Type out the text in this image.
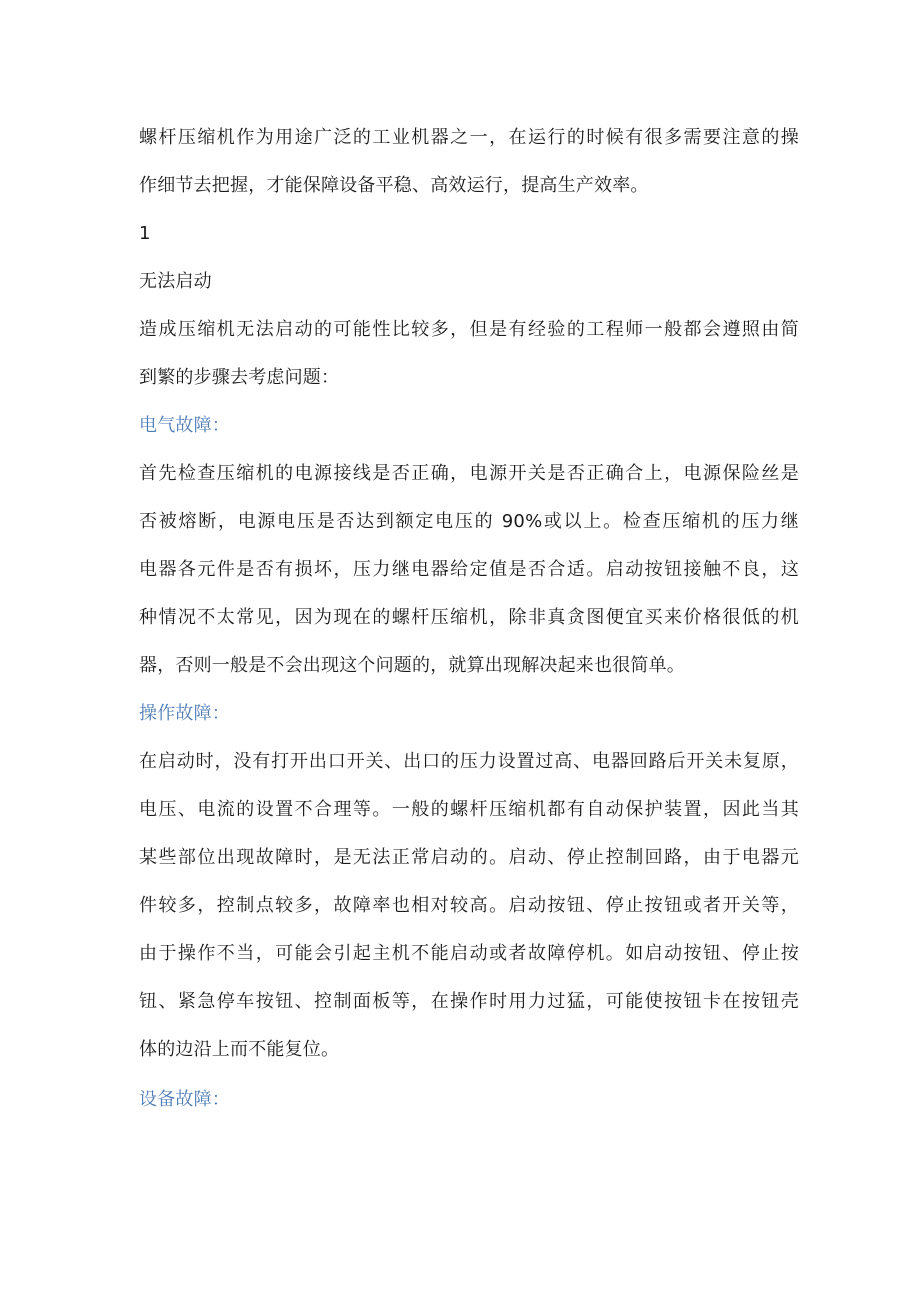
螺杆压缩机作为用途广泛的工业机器之一，在运行的时候有很多需要注意的操
作细节去把握，才能保障设备平稳、高效运行，提高生产效率。
1
无法启动
造成压缩机无法启动的可能性比较多，但是有经验的工程师一般都会遵照由简
到繁的步骤去考虑问题：
电气故障：
首先检查压缩机的电源接线是否正确，电源开关是否正确合上，电源保险丝是
否被熔断，电源电压是否达到额定电压的 90%或以上。检查压缩机的压力继
电器各元件是否有损坏，压力继电器给定值是否合适。启动按钮接触不良，这
种情况不太常见，因为现在的螺杆压缩机，除非真贪图便宜买来价格很低的机
器，否则一般是不会出现这个问题的，就算出现解决起来也很简单。
操作故障：
在启动时，没有打开出口开关、出口的压力设置过高、电器回路后开关未复原，
电压、电流的设置不合理等。一般的螺杆压缩机都有自动保护装置，因此当其
某些部位出现故障时，是无法正常启动的。启动、停止控制回路，由于电器元
件较多，控制点较多，故障率也相对较高。启动按钮、停止按钮或者开关等，
由于操作不当，可能会引起主机不能启动或者故障停机。如启动按钮、停止按
钮、紧急停车按钮、控制面板等，在操作时用力过猛，可能使按钮卡在按钮壳
体的边沿上而不能复位。
设备故障：
